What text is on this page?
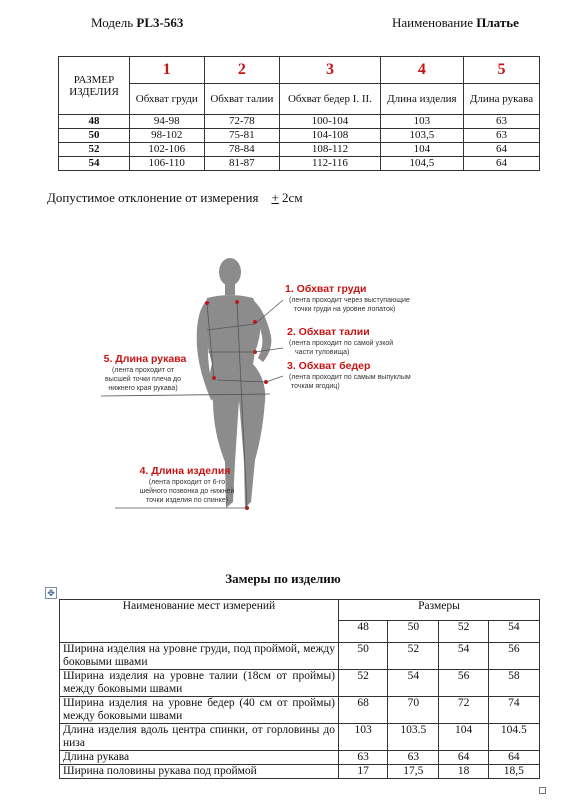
Модель PL3-563	Наименование Платье
РАЗМЕР ИЗДЕЛИЯ	1	2	3	4	5
	Обхват груди	Обхват талии	Обхват бедер I. II.	Длина изделия	Длина рукава
48	94-98	72-78	100-104	103	63
50	98-102	75-81	104-108	103,5	63
52	102-106	78-84	108-112	104	64
54	106-110	81-87	112-116	104,5	64
Допустимое отклонение от измерения + 2см
1. Обхват груди
(лента проходит через выступающие
точки груди на уровне лопаток)
2. Обхват талии
(лента проходит по самой узкой
части туловища)
3. Обхват бедер
(лента проходит по самым выпуклым
точкам ягодиц)
5. Длина рукава
(лента проходит от
высшей точки плеча до
нижнего края рукава)
4. Длина изделия
(лента проходит от 6-го
шейного позвонка до нижней
точки изделия по спинке)
Замеры по изделию
✥
Наименование мест измерений	Размеры			
	48	50	52	54
Ширина изделия на уровне груди, под проймой, между боковыми швами	50	52	54	56
Ширина изделия на уровне талии (18см от проймы) между боковыми швами	52	54	56	58
Ширина изделия на уровне бедер (40 см от проймы) между боковыми швами	68	70	72	74
Длина изделия вдоль центра спинки, от горловины до низа	103	103.5	104	104.5
Длина рукава	63	63	64	64
Ширина половины рукава под проймой	17	17,5	18	18,5
